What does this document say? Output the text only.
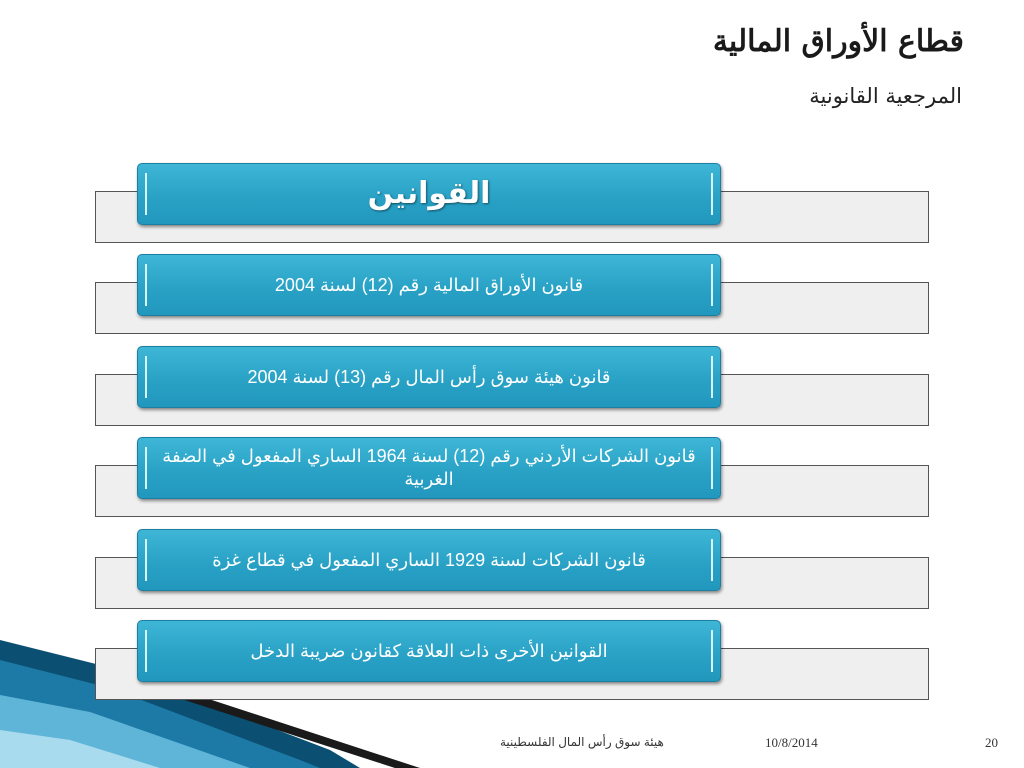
قطاع الأوراق المالية
المرجعية القانونية
القوانين
قانون الأوراق المالية رقم (12) لسنة 2004
قانون هيئة سوق رأس المال رقم (13) لسنة 2004
قانون الشركات الأردني رقم (12) لسنة 1964 الساري المفعول في الضفة الغربية
قانون الشركات لسنة 1929 الساري المفعول في قطاع غزة
القوانين الأخرى ذات العلاقة كقانون ضريبة الدخل
هيئة سوق رأس المال الفلسطينية	10/8/2014	20
